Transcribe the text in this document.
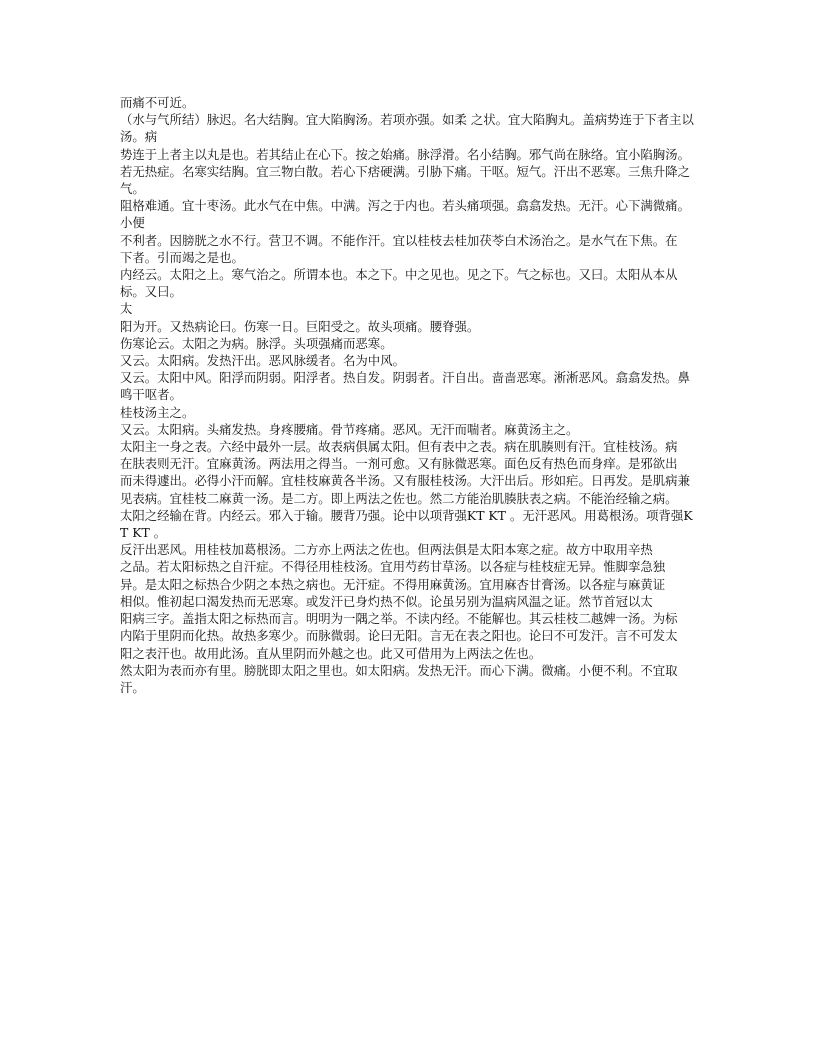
而痛不可近。

（水与气所结）脉迟。名大结胸。宜大陷胸汤。若项亦强。如柔 之状。宜大陷胸丸。盖病势连于下者主以汤。病

势连于上者主以丸是也。若其结止在心下。按之始痛。脉浮滑。名小结胸。邪气尚在脉络。宜小陷胸汤。

若无热症。名寒实结胸。宜三物白散。若心下痞硬满。引胁下痛。干呕。短气。汗出不恶寒。三焦升降之气。

阻格难通。宜十枣汤。此水气在中焦。中满。泻之于内也。若头痛项强。翕翕发热。无汗。心下满微痛。小便

不利者。因膀胱之水不行。营卫不调。不能作汗。宜以桂枝去桂加茯苓白术汤治之。是水气在下焦。在

下者。引而竭之是也。

内经云。太阳之上。寒气治之。所谓本也。本之下。中之见也。见之下。气之标也。又曰。太阳从本从标。又曰。

太

阳为开。又热病论曰。伤寒一日。巨阳受之。故头项痛。腰脊强。

伤寒论云。太阳之为病。脉浮。头项强痛而恶寒。

又云。太阳病。发热汗出。恶风脉缓者。名为中风。

又云。太阳中风。阳浮而阴弱。阳浮者。热自发。阴弱者。汗自出。啬啬恶寒。淅淅恶风。翕翕发热。鼻鸣干呕者。

桂枝汤主之。

又云。太阳病。头痛发热。身疼腰痛。骨节疼痛。恶风。无汗而喘者。麻黄汤主之。

太阳主一身之表。六经中最外一层。故表病俱属太阳。但有表中之表。病在肌腠则有汗。宜桂枝汤。病

在肤表则无汗。宜麻黄汤。两法用之得当。一剂可愈。又有脉微恶寒。面色反有热色而身痒。是邪欲出

而未得遽出。必得小汗而解。宜桂枝麻黄各半汤。又有服桂枝汤。大汗出后。形如疟。日再发。是肌病兼

见表病。宜桂枝二麻黄一汤。是二方。即上两法之佐也。然二方能治肌腠肤表之病。不能治经输之病。

太阳之经输在背。内经云。邪入于输。腰背乃强。论中以项背强KT KT 。无汗恶风。用葛根汤。项背强KT KT 。

反汗出恶风。用桂枝加葛根汤。二方亦上两法之佐也。但两法俱是太阳本寒之症。故方中取用辛热

之品。若太阳标热之自汗症。不得径用桂枝汤。宜用芍药甘草汤。以各症与桂枝症无异。惟脚挛急独

异。是太阳之标热合少阴之本热之病也。无汗症。不得用麻黄汤。宜用麻杏甘膏汤。以各症与麻黄证

相似。惟初起口渴发热而无恶寒。或发汗已身灼热不似。论虽另别为温病风温之证。然节首冠以太

阳病三字。盖指太阳之标热而言。明明为一隅之举。不读内经。不能解也。其云桂枝二越婢一汤。为标

内陷于里阴而化热。故热多寒少。而脉微弱。论曰无阳。言无在表之阳也。论曰不可发汗。言不可发太

阳之表汗也。故用此汤。直从里阴而外越之也。此又可借用为上两法之佐也。

然太阳为表而亦有里。膀胱即太阳之里也。如太阳病。发热无汗。而心下满。微痛。小便不利。不宜取汗。
